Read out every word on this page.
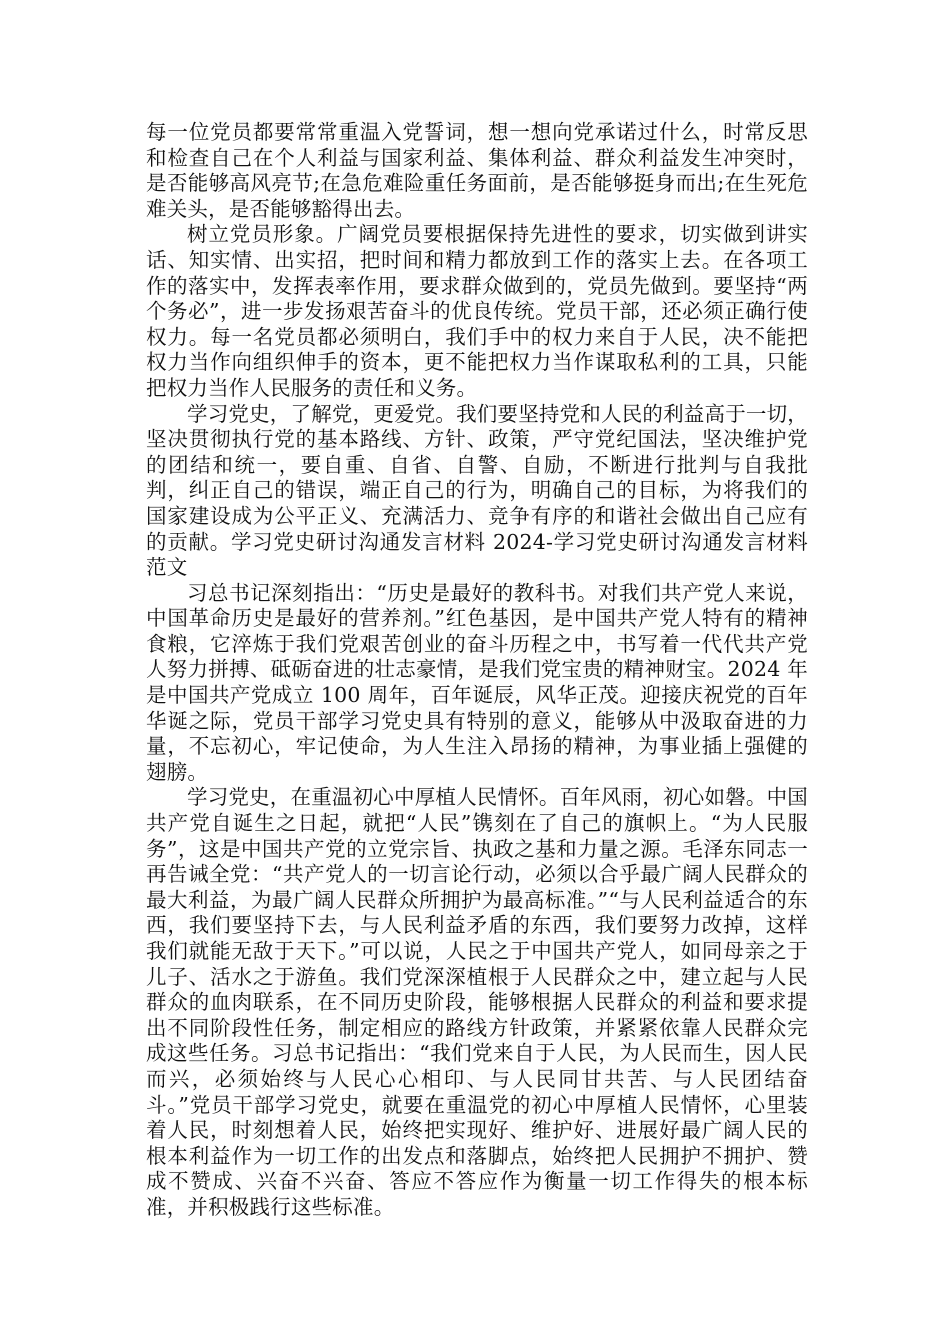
每一位党员都要常常重温入党誓词，想一想向党承诺过什么，时常反思和检查自己在个人利益与国家利益、集体利益、群众利益发生冲突时，是否能够高风亮节;在急危难险重任务面前，是否能够挺身而出;在生死危难关头，是否能够豁得出去。

树立党员形象。广阔党员要根据保持先进性的要求，切实做到讲实话、知实情、出实招，把时间和精力都放到工作的落实上去。在各项工作的落实中，发挥表率作用，要求群众做到的，党员先做到。要坚持“两个务必”，进一步发扬艰苦奋斗的优良传统。党员干部，还必须正确行使权力。每一名党员都必须明白，我们手中的权力来自于人民，决不能把权力当作向组织伸手的资本，更不能把权力当作谋取私利的工具，只能把权力当作人民服务的责任和义务。

学习党史，了解党，更爱党。我们要坚持党和人民的利益高于一切，坚决贯彻执行党的基本路线、方针、政策，严守党纪国法，坚决维护党的团结和统一，要自重、自省、自警、自励，不断进行批判与自我批判，纠正自己的错误，端正自己的行为，明确自己的目标，为将我们的国家建设成为公平正义、充满活力、竞争有序的和谐社会做出自己应有的贡献。学习党史研讨沟通发言材料 2024-学习党史研讨沟通发言材料范文

习总书记深刻指出：“历史是最好的教科书。对我们共产党人来说，中国革命历史是最好的营养剂。”红色基因，是中国共产党人特有的精神食粮，它淬炼于我们党艰苦创业的奋斗历程之中，书写着一代代共产党人努力拼搏、砥砺奋进的壮志豪情，是我们党宝贵的精神财宝。2024 年是中国共产党成立 100 周年，百年诞辰，风华正茂。迎接庆祝党的百年华诞之际，党员干部学习党史具有特别的意义，能够从中汲取奋进的力量，不忘初心，牢记使命，为人生注入昂扬的精神，为事业插上强健的翅膀。

学习党史，在重温初心中厚植人民情怀。百年风雨，初心如磐。中国共产党自诞生之日起，就把“人民”镌刻在了自己的旗帜上。“为人民服务”，这是中国共产党的立党宗旨、执政之基和力量之源。毛泽东同志一再告诫全党：“共产党人的一切言论行动，必须以合乎最广阔人民群众的最大利益，为最广阔人民群众所拥护为最高标准。”“与人民利益适合的东西，我们要坚持下去，与人民利益矛盾的东西，我们要努力改掉，这样我们就能无敌于天下。”可以说，人民之于中国共产党人，如同母亲之于儿子、活水之于游鱼。我们党深深植根于人民群众之中，建立起与人民群众的血肉联系，在不同历史阶段，能够根据人民群众的利益和要求提出不同阶段性任务，制定相应的路线方针政策，并紧紧依靠人民群众完成这些任务。习总书记指出：“我们党来自于人民，为人民而生，因人民而兴，必须始终与人民心心相印、与人民同甘共苦、与人民团结奋斗。”党员干部学习党史，就要在重温党的初心中厚植人民情怀，心里装着人民，时刻想着人民，始终把实现好、维护好、进展好最广阔人民的根本利益作为一切工作的出发点和落脚点，始终把人民拥护不拥护、赞成不赞成、兴奋不兴奋、答应不答应作为衡量一切工作得失的根本标准，并积极践行这些标准。
